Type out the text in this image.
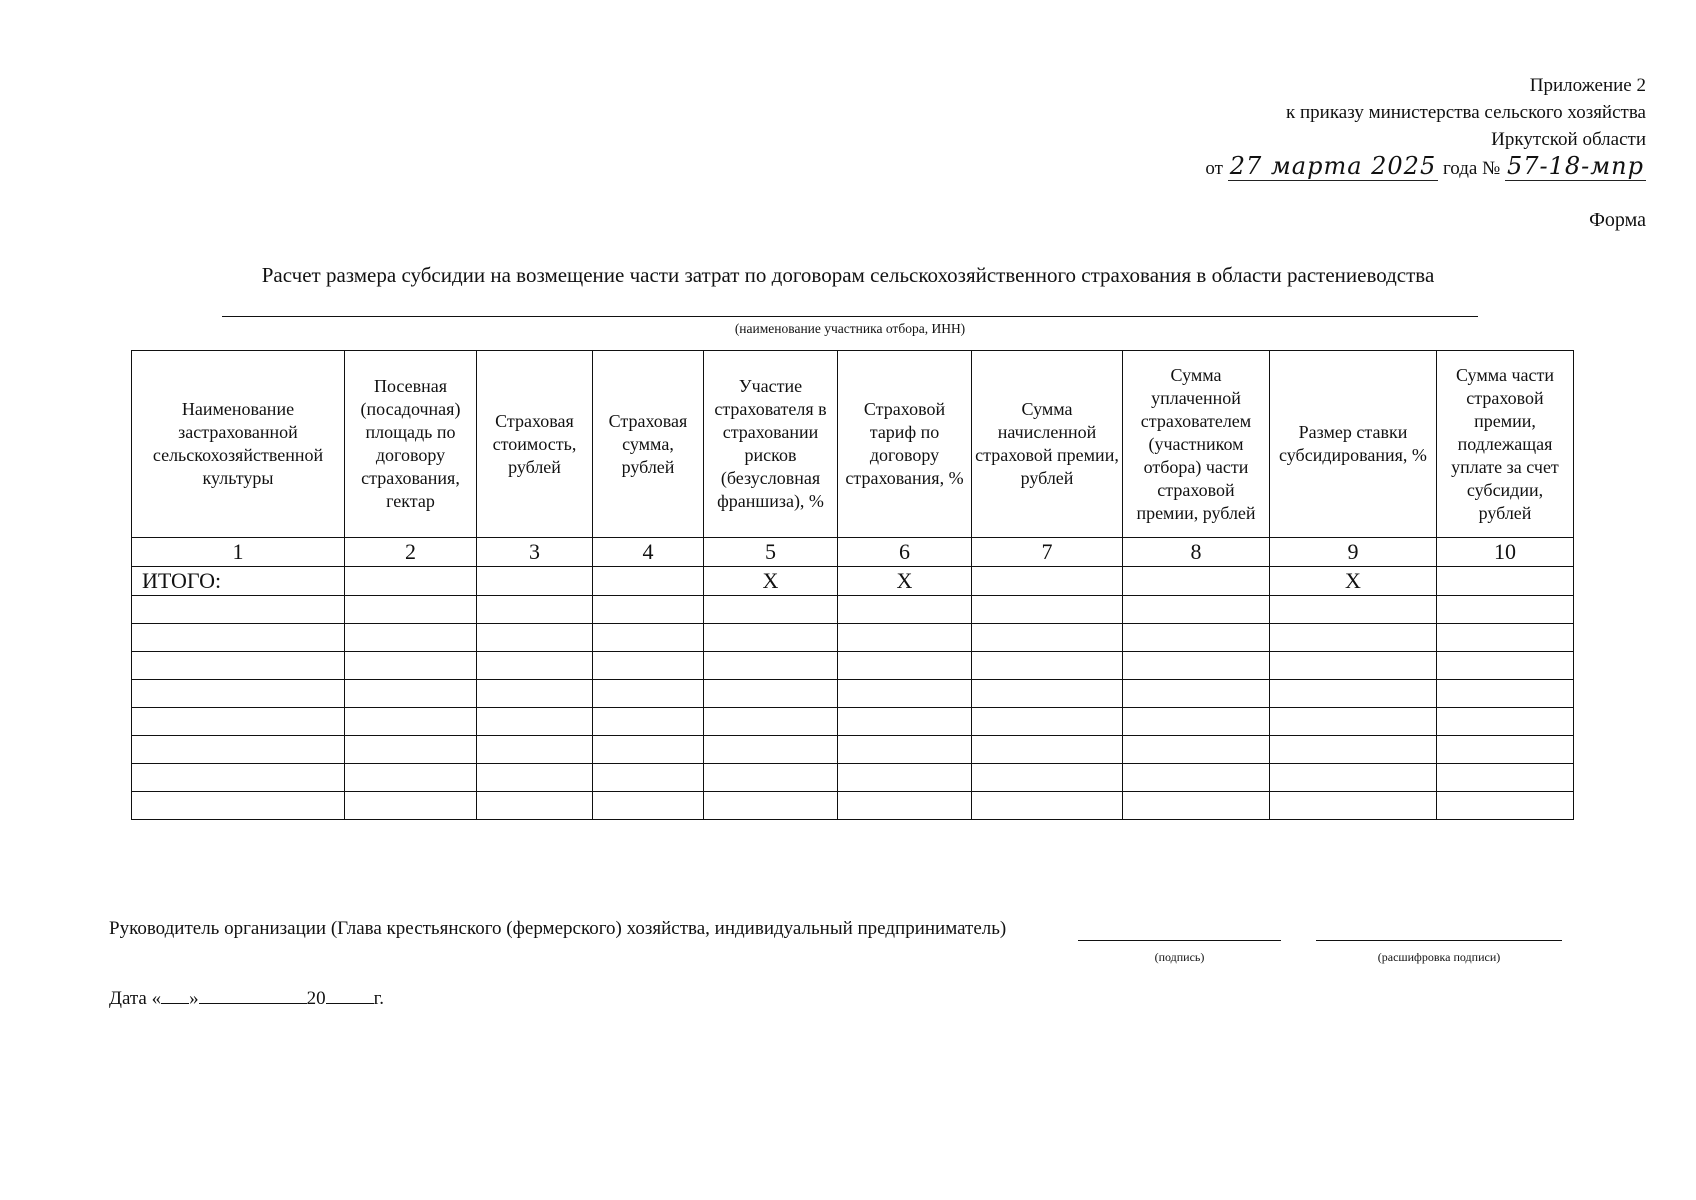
Приложение 2
к приказу министерства сельского хозяйства
Иркутской области
от 27 марта 2025 года № 57-18-мпр
Форма
Расчет размера субсидии на возмещение части затрат по договорам сельскохозяйственного страхования в области растениеводства
(наименование участника отбора, ИНН)
Наименование застрахованной сельскохозяйственной культуры	Посевная (посадочная) площадь по договору страхования, гектар	Страховая стоимость, рублей	Страховая сумма, рублей	Участие страхователя в страховании рисков (безусловная франшиза), %	Страховой тариф по договору страхования, %	Сумма начисленной страховой премии, рублей	Сумма уплаченной страхователем (участником отбора) части страховой премии, рублей	Размер ставки субсидирования, %	Сумма части страховой премии, подлежащая уплате за счет субсидии, рублей

1	2	3	4	5	6	7	8	9	10
ИТОГО:				Х	Х			Х	

Руководитель организации (Глава крестьянского (фермерского) хозяйства, индивидуальный предприниматель)
(подпись)	(расшифровка подписи)
Дата « »	20	г.
